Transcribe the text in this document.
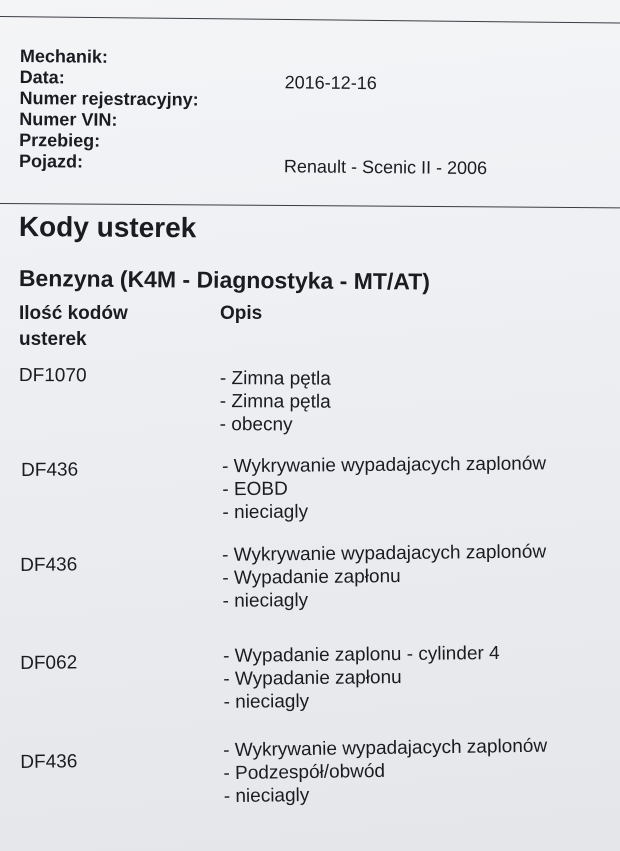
Mechanik:
Data:	2016-12-16
Numer rejestracyjny:
Numer VIN:
Przebieg:
Pojazd:	Renault - Scenic II - 2006
Kody usterek
Benzyna (K4M - Diagnostyka - MT/AT)
Ilość kodów usterek
Opis
DF1070	- Zimna pętla
- Zimna pętla
- obecny
DF436	- Wykrywanie wypadajacych zaplonów
- EOBD
- nieciagly
DF436	- Wykrywanie wypadajacych zaplonów
- Wypadanie zapłonu
- nieciagly
DF062	- Wypadanie zaplonu - cylinder 4
- Wypadanie zapłonu
- nieciagly
DF436
- Wykrywanie wypadajacych zaplonów
- Podzespół/obwód
- nieciagly
